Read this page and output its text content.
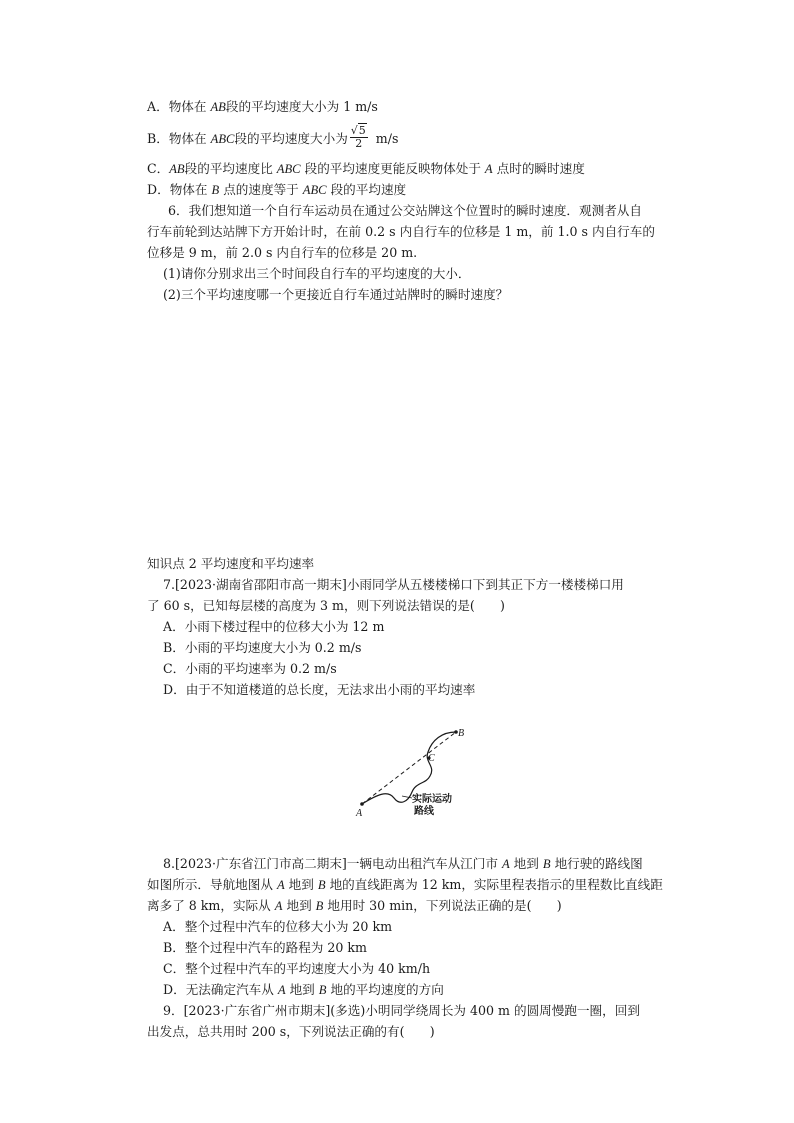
A．物体在 AB段的平均速度大小为 1 m/s
B．物体在 ABC段的平均速度大小为 $\frac{√5}{2} m/s$
C．AB段的平均速度比 ABC 段的平均速度更能反映物体处于 A 点时的瞬时速度
D．物体在 B 点的速度等于 ABC 段的平均速度
6．我们想知道一个自行车运动员在通过公交站牌这个位置时的瞬时速度．观测者从自
行车前轮到达站牌下方开始计时，在前 0.2 s 内自行车的位移是 1 m，前 1.0 s 内自行车的
位移是 9 m，前 2.0 s 内自行车的位移是 20 m.
(1)请你分别求出三个时间段自行车的平均速度的大小．
(2)三个平均速度哪一个更接近自行车通过站牌时的瞬时速度？
知识点 2 平均速度和平均速率
7.[2023·湖南省邵阳市高一期末]小雨同学从五楼楼梯口下到其正下方一楼楼梯口用
了 60 s，已知每层楼的高度为 3 m，则下列说法错误的是(　　)
A．小雨下楼过程中的位移大小为 12 m
B．小雨的平均速度大小为 0.2 m/s
C．小雨的平均速率为 0.2 m/s
D．由于不知道楼道的总长度，无法求出小雨的平均速率
A
B
C
实际运动
路线
8.[2023·广东省江门市高二期末]一辆电动出租汽车从江门市 A 地到 B 地行驶的路线图
如图所示．导航地图从 A 地到 B 地的直线距离为 12 km，实际里程表指示的里程数比直线距
离多了 8 km，实际从 A 地到 B 地用时 30 min，下列说法正确的是(　　)
A．整个过程中汽车的位移大小为 20 km
B．整个过程中汽车的路程为 20 km
C．整个过程中汽车的平均速度大小为 40 km/h
D．无法确定汽车从 A 地到 B 地的平均速度的方向
9．[2023·广东省广州市期末](多选)小明同学绕周长为 400 m 的圆周慢跑一圈，回到
出发点，总共用时 200 s，下列说法正确的有(　　)
